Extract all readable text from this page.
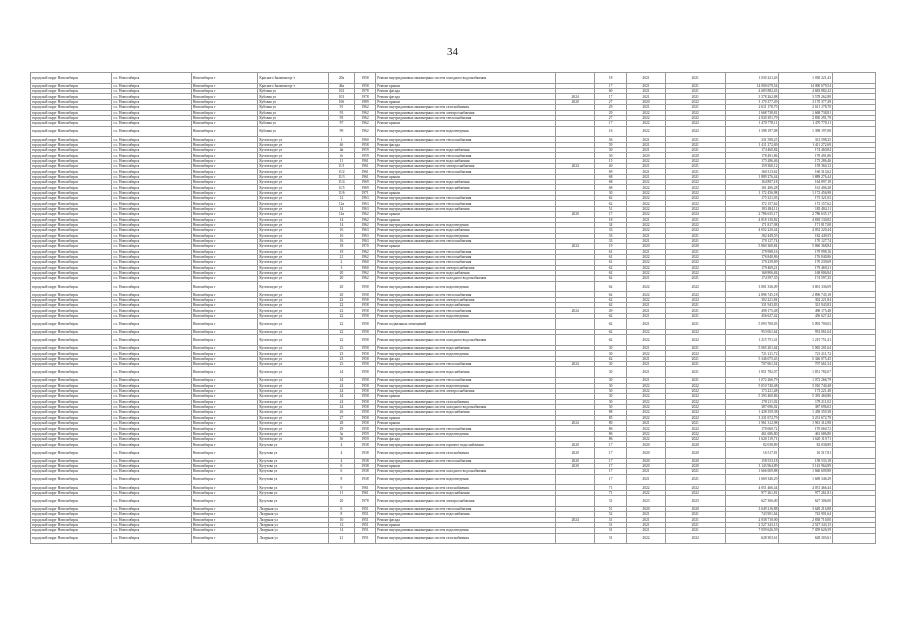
34
городской округ Новосибирск	г.о. Новосибирск	Новосибирск г	Красного Знамени пр-т	20а	1958	Ремонт внутридомовых инженерных систем холодного водоснабжения		18	2021	2021	1 030 221,43	1 030 221,43	
городской округ Новосибирск	г.о. Новосибирск	Новосибирск г	Красного Знамени пр-т	46а	1958	Ремонт крыши		17	2021	2021	14 000 679,54	14 000 679,54	
городской округ Новосибирск	г.о. Новосибирск	Новосибирск г	Кубовая ул	102	1978	Ремонт фасада		60	2021	2021	4 683 882,43	4 683 882,43	
городской округ Новосибирск	г.о. Новосибирск	Новосибирск г	Кубовая ул	103	1978	Ремонт фасада	2024	17	2021	2021	3 578 262,88	3 578 262,88	
городской округ Новосибирск	г.о. Новосибирск	Новосибирск г	Кубовая ул	106	1989	Ремонт крыши	2020	27	2020	2022	3 170 377,49	3 170 377,49	
городской округ Новосибирск	г.о. Новосибирск	Новосибирск г	Кубовая ул	91	1962	Ремонт внутридомовых инженерных систем газоснабжения		29	2021	2021	2 611 178,70	2 611 178,70	
городской округ Новосибирск	г.о. Новосибирск	Новосибирск г	Кубовая ул	93	1962	Ремонт внутридомовых инженерных систем электроснабжения		29	2022	2022	1 668 738,81	1 668 738,81	
городской округ Новосибирск	г.о. Новосибирск	Новосибирск г	Кубовая ул	95	1962	Ремонт внутридомовых инженерных систем теплоснабжения		27	2022	2022	2 830 291,79	2 830 291,79	
городской округ Новосибирск	г.о. Новосибирск	Новосибирск г	Кубовая ул	97	1962	Ремонт крыши		17	2022	2022	1 470 778,11	1 470 778,11	
городской округ Новосибирск	г.о. Новосибирск	Новосибирск г	Кубовая ул	99	1962	Ремонт внутридомовых инженерных систем водоотведения		16	2022	2022	1 398 197,08	1 398 197,08	
городской округ Новосибирск	г.о. Новосибирск	Новосибирск г	Кутателадзе ул	1	1960	Ремонт внутридомовых инженерных систем теплоснабжения		36	2021	2021	331 598,25	331 598,25	
городской округ Новосибирск	г.о. Новосибирск	Новосибирск г	Кутателадзе ул	4б	1958	Ремонт фасада		59	2021	2021	1 411 272,69	1 411 272,69	
городской округ Новосибирск	г.о. Новосибирск	Новосибирск г	Кутателадзе ул	4в	1959	Ремонт внутридомовых инженерных систем водоснабжения		30	2021	2021	174 460,84	174 460,84	
городской округ Новосибирск	г.о. Новосибирск	Новосибирск г	Кутателадзе ул	4г	1959	Ремонт внутридомовых инженерных систем теплоснабжения		30	2020	2020	178 491,86	178 491,86	
городской округ Новосибирск	г.о. Новосибирск	Новосибирск г	Кутателадзе ул	11	1961	Ремонт внутридомовых инженерных систем водоснабжения		15	2022	2022	175 286,46	175 286,46	
городской округ Новосибирск	г.о. Новосибирск	Новосибирск г	Кутателадзе ул	11/1	1961	Ремонт внутридомовых инженерных систем электроснабжения	2024	40	2021	2021	159 360,12	159 360,12	
городской округ Новосибирск	г.о. Новосибирск	Новосибирск г	Кутателадзе ул	11/2	1961	Ремонт внутридомовых инженерных систем теплоснабжения		69	2021	2021	160 313,62	160 313,62	
городской округ Новосибирск	г.о. Новосибирск	Новосибирск г	Кутателадзе ул	11/3	1961	Ремонт крыши		68	2021	2021	1 889 276,44	1 889 276,44	
городской округ Новосибирск	г.о. Новосибирск	Новосибирск г	Кутателадзе ул	11/4	1969	Ремонт внутридомовых инженерных систем водоснабжения		68	2022	2022	164 897,18	164 897,18	
городской округ Новосибирск	г.о. Новосибирск	Новосибирск г	Кутателадзе ул	11/5	1969	Ремонт внутридомовых инженерных систем водоснабжения		68	2022	2022	161 406,28	161 406,28	
городской округ Новосибирск	г.о. Новосибирск	Новосибирск г	Кутателадзе ул	11/6	1971	Ремонт крыши		30	2022	2022	1 172 456,98	1 172 456,98	
городской округ Новосибирск	г.о. Новосибирск	Новосибирск г	Кутателадзе ул	12	1963	Ремонт внутридомовых инженерных систем теплоснабжения		62	2022	2022	175 321,03	175 321,03	
городской округ Новосибирск	г.о. Новосибирск	Новосибирск г	Кутателадзе ул	12а	1963	Ремонт внутридомовых инженерных систем теплоснабжения		62	2022	2022	172 157,62	172 157,62	
городской округ Новосибирск	г.о. Новосибирск	Новосибирск г	Кутателадзе ул	14	1963	Ремонт внутридомовых инженерных систем водоснабжения		51	2022	2022	183 484,11	183 484,11	
городской округ Новосибирск	г.о. Новосибирск	Новосибирск г	Кутателадзе ул	14а	1962	Ремонт крыши	2020	17	2022	2024	2 786 635,17	2 786 635,17	
городской округ Новосибирск	г.о. Новосибирск	Новосибирск г	Кутателадзе ул	14	1962	Ремонт крыши		18	2021	2021	4 818 130,82	4 818 130,82	
городской округ Новосибирск	г.о. Новосибирск	Новосибирск г	Кутателадзе ул	14	1962	Ремонт внутридомовых инженерных систем водоотведения		34	2022	2022	171 817,08	171 817,08	
городской округ Новосибирск	г.о. Новосибирск	Новосибирск г	Кутателадзе ул	16	1963	Ремонт внутридомовых инженерных систем водоснабжения		33	2022	2022	4 052 220,44	4 052 220,44	
городской округ Новосибирск	г.о. Новосибирск	Новосибирск г	Кутателадзе ул	16	1963	Ремонт внутридомовых инженерных систем водоотведения		33	2021	2021	182 449,55	182 449,55	
городской округ Новосибирск	г.о. Новосибирск	Новосибирск г	Кутателадзе ул	16	1963	Ремонт внутридомовых инженерных систем теплоснабжения		33	2021	2021	170 127,74	170 127,74	
городской округ Новосибирск	г.о. Новосибирск	Новосибирск г	Кутателадзе ул	18	1970	Ремонт крыши	2024	19	2020	2020	5 860 368,84	5 860 368,84	
городской округ Новосибирск	г.о. Новосибирск	Новосибирск г	Кутателадзе ул	19	1962	Ремонт внутридомовых инженерных систем теплоснабжения		61	2021	2021	179 998,16	179 998,16	
городской округ Новосибирск	г.о. Новосибирск	Новосибирск г	Кутателадзе ул	21	1962	Ремонт внутридомовых инженерных систем теплоснабжения		61	2022	2022	176 840,86	176 840,86	
городской округ Новосибирск	г.о. Новосибирск	Новосибирск г	Кутателадзе ул	2	1960	Ремонт внутридомовых инженерных систем теплоснабжения		61	2022	2022	170 239,69	170 239,69	
городской округ Новосибирск	г.о. Новосибирск	Новосибирск г	Кутателадзе ул	3	1960	Ремонт внутридомовых инженерных систем электроснабжения		62	2022	2022	179 469,21	179 469,21	
городской округ Новосибирск	г.о. Новосибирск	Новосибирск г	Кутателадзе ул	20	1962	Ремонт внутридомовых инженерных систем водоснабжения		62	2022	2022	168 806,84	168 806,84	
городской округ Новосибирск	г.о. Новосибирск	Новосибирск г	Кутателадзе ул	20	1962	Ремонт внутридомовых инженерных систем холодного водоснабжения		62	2021	2021	174 597,35	174 597,35	
городской округ Новосибирск	г.о. Новосибирск	Новосибирск г	Кутателадзе ул	20	1958	Ремонт внутридомовых инженерных систем водоотведения		62	2022	2022	3 801 336,09	3 801 336,09	
городской округ Новосибирск	г.о. Новосибирск	Новосибирск г	Кутателадзе ул	20	1958	Ремонт внутридомовых инженерных систем теплоснабжения		62	2022	2022	2 896 745,18	2 896 745,18	
городской округ Новосибирск	г.о. Новосибирск	Новосибирск г	Кутателадзе ул	22	1958	Ремонт внутридомовых инженерных систем электроснабжения		62	2022	2022	302 221,84	302 221,84	
городской округ Новосибирск	г.о. Новосибирск	Новосибирск г	Кутателадзе ул	22	1958	Ремонт внутридомовых инженерных систем водоснабжения		62	2021	2021	331 943,83	331 943,83	
городской округ Новосибирск	г.о. Новосибирск	Новосибирск г	Кутателадзе ул	22	1958	Ремонт внутридомовых инженерных систем теплоснабжения	2024	49	2021	2021	498 175,48	498 175,48	
городской округ Новосибирск	г.о. Новосибирск	Новосибирск г	Кутателадзе ул	22	1958	Ремонт внутридомовых инженерных систем водоотведения		62	2021	2021	456 627,42	456 627,42	
городской округ Новосибирск	г.о. Новосибирск	Новосибирск г	Кутателадзе ул	22	1958	Ремонт подвальных помещений		62	2021	2021	5 093 700,03	5 093 700,03	
городской округ Новосибирск	г.о. Новосибирск	Новосибирск г	Кутателадзе ул	22	1958	Ремонт внутридомовых инженерных систем газоснабжения		62	2022	2022	953 061,64	953 061,64	
городской округ Новосибирск	г.о. Новосибирск	Новосибирск г	Кутателадзе ул	22	1958	Ремонт внутридомовых инженерных систем холодного водоснабжения		62	2022	2022	1 215 751,41	1 215 751,41	
городской округ Новосибирск	г.о. Новосибирск	Новосибирск г	Кутателадзе ул	23	1958	Ремонт внутридомовых инженерных систем водоснабжения		30	2021	2021	5 065 201,64	5 065 201,64	
городской округ Новосибирск	г.о. Новосибирск	Новосибирск г	Кутателадзе ул	23	1958	Ремонт внутридомовых инженерных систем водоотведения		30	2022	2022	721 211,72	721 211,72	
городской округ Новосибирск	г.о. Новосибирск	Новосибирск г	Кутателадзе ул	23	1958	Ремонт фасада		62	2021	2021	5 346 075,45	5 346 075,45	
городской округ Новосибирск	г.о. Новосибирск	Новосибирск г	Кутателадзе ул	23	1958	Ремонт внутридомовых инженерных систем теплоснабжения	2024	30	2021	2021	707 661,54	707 661,54	
городской округ Новосибирск	г.о. Новосибирск	Новосибирск г	Кутателадзе ул	24	1958	Ремонт внутридомовых инженерных систем водоснабжения		30	2021	2021	1 851 782,07	1 851 782,07	
городской округ Новосибирск	г.о. Новосибирск	Новосибирск г	Кутателадзе ул	24	1958	Ремонт внутридомовых инженерных систем теплоснабжения		30	2021	2021	1 072 266,79	1 072 266,79	
городской округ Новосибирск	г.о. Новосибирск	Новосибирск г	Кутателадзе ул	24	1958	Ремонт внутридомовых инженерных систем водоотведения		30	2022	2022	5 010 740,48	5 010 740,48	
городской округ Новосибирск	г.о. Новосибирск	Новосибирск г	Кутателадзе ул	24	1958	Ремонт внутридомовых инженерных систем электроснабжения		30	2022	2022	173 221,48	173 221,48	
городской округ Новосибирск	г.о. Новосибирск	Новосибирск г	Кутателадзе ул	24	1958	Ремонт крыши		30	2022	2022	5 393 460,86	5 393 460,86	
городской округ Новосибирск	г.о. Новосибирск	Новосибирск г	Кутателадзе ул	24	1958	Ремонт внутридомовых инженерных систем газоснабжения		30	2022	2022	178 211,02	178 211,02	
городской округ Новосибирск	г.о. Новосибирск	Новосибирск г	Кутателадзе ул	24	1958	Ремонт внутридомовых инженерных систем холодного водоснабжения		30	2022	2022	387 696,02	387 696,02	
городской округ Новосибирск	г.о. Новосибирск	Новосибирск г	Кутателадзе ул	26	1958	Ремонт внутридомовых инженерных систем водоснабжения		88	2022	2022	1 438 359,38	1 438 359,38	
городской округ Новосибирск	г.о. Новосибирск	Новосибирск г	Кутателадзе ул	27	1958	Ремонт крыши		85	2022	2022	3 231 672,79	3 231 672,79	
городской округ Новосибирск	г.о. Новосибирск	Новосибирск г	Кутателадзе ул	28	1958	Ремонт крыши	2024	80	2021	2021	1 961 312,98	1 961 312,98	
городской округ Новосибирск	г.о. Новосибирск	Новосибирск г	Кутателадзе ул	29	1958	Ремонт внутридомовых инженерных систем теплоснабжения		86	2022	2022	170 660,72	170 660,72	
городской округ Новосибирск	г.о. Новосибирск	Новосибирск г	Кутателадзе ул	3а	1959	Ремонт внутридомовых инженерных систем водоотведения		86	2022	2022	461 686,80	461 686,80	
городской округ Новосибирск	г.о. Новосибирск	Новосибирск г	Кутателадзе ул	3б	1959	Ремонт фасада		86	2022	2022	1 620 119,71	1 620 119,71	
городской округ Новосибирск	г.о. Новосибирск	Новосибирск г	Кутузова ул	4	1938	Ремонт внутридомовых инженерных систем горячего водоснабжения	2020	17	2020	2020	82 038,89	82 038,89	
городской округ Новосибирск	г.о. Новосибирск	Новосибирск г	Кутузова ул	4	1938	Ремонт внутридомовых инженерных систем газоснабжения	2020	17	2020	2020	16 517,81	16 517,81	
городской округ Новосибирск	г.о. Новосибирск	Новосибирск г	Кутузова ул	4	1938	Ремонт внутридомовых инженерных систем теплоснабжения	2020	17	2020	2020	158 533,18	158 533,18	
городской округ Новосибирск	г.о. Новосибирск	Новосибирск г	Кутузова ул	6	1938	Ремонт крыши	2020	17	2020	2020	3 143 964,89	3 143 964,89	
городской округ Новосибирск	г.о. Новосибирск	Новосибирск г	Кутузова ул	6	1938	Ремонт внутридомовых инженерных систем холодного водоснабжения		17	2021	2021	1 666 609,88	1 666 609,88	
городской округ Новосибирск	г.о. Новосибирск	Новосибирск г	Кутузова ул	8	1938	Ремонт внутридомовых инженерных систем водоотведения		17	2021	2021	1 669 346,29	1 669 346,29	
городской округ Новосибирск	г.о. Новосибирск	Новосибирск г	Кутузова ул	9	1961	Ремонт внутридомовых инженерных систем газоснабжения		71	2022	2022	4 051 466,44	4 051 466,44	
городской округ Новосибирск	г.о. Новосибирск	Новосибирск г	Кутузова ул	11	1961	Ремонт внутридомовых инженерных систем водоснабжения		71	2022	2022	977 261,81	977 261,81	
городской округ Новосибирск	г.о. Новосибирск	Новосибирск г	Кутузова ул	20	1978	Ремонт внутридомовых инженерных систем электроснабжения		31	2023	2023	627 306,00	627 306,00	
городской округ Новосибирск	г.о. Новосибирск	Новосибирск г	Лазурная ул	6	1951	Ремонт внутридомовых инженерных систем теплоснабжения		51	2020	2020	3 649 216,88	3 649 216,88	
городской округ Новосибирск	г.о. Новосибирск	Новосибирск г	Лазурная ул	8	1951	Ремонт внутридомовых инженерных систем водоснабжения		52	2021	2021	743 901,64	743 901,64	
городской округ Новосибирск	г.о. Новосибирск	Новосибирск г	Лазурная ул	10	1951	Ремонт фасада	2024	31	2021	2021	2 838 710,00	2 838 710,00	
городской округ Новосибирск	г.о. Новосибирск	Новосибирск г	Лазурная ул	12	1951	Ремонт крыши		31	2021	2021	2 527 343,15	2 527 343,15	
городской округ Новосибирск	г.о. Новосибирск	Новосибирск г	Лазурная ул	14	1951	Ремонт внутридомовых инженерных систем водоотведения		31	2021	2021	7 059 626,59	7 059 626,59	
городской округ Новосибирск	г.о. Новосибирск	Новосибирск г	Лазурная ул	21	1951	Ремонт внутридомовых инженерных систем газоснабжения		31	2022	2022	628 303,61	628 303,61	
